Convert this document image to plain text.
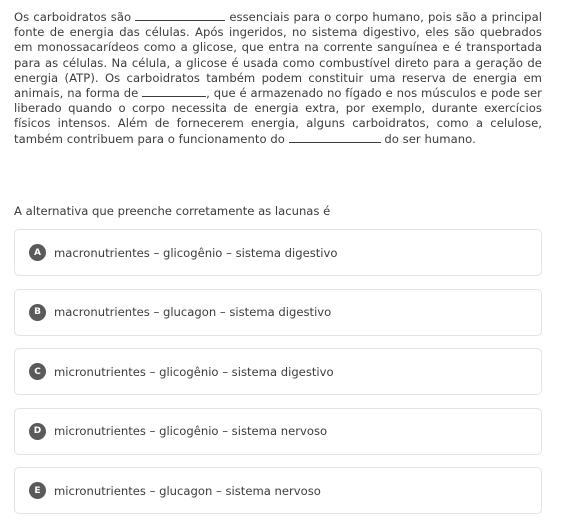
Os carboidratos são	essenciais para o corpo humano, pois são a principal fonte de energia das células. Após ingeridos, no sistema digestivo, eles são quebrados em monossacarídeos como a glicose, que entra na corrente sanguínea e é transportada para as células. Na célula, a glicose é usada como combustível direto para a geração de energia (ATP). Os carboidratos também podem constituir uma reserva de energia em animais, na forma de	, que é armazenado no fígado e nos músculos e pode ser liberado quando o corpo necessita de energia extra, por exemplo, durante exercícios físicos intensos. Além de fornecerem energia, alguns carboidratos, como a celulose, também contribuem para o funcionamento do	do ser humano.

A alternativa que preenche corretamente as lacunas é

A	macronutrientes – glicogênio – sistema digestivo
B	macronutrientes – glucagon – sistema digestivo
C	micronutrientes – glicogênio – sistema digestivo
D	micronutrientes – glicogênio – sistema nervoso
E	micronutrientes – glucagon – sistema nervoso
